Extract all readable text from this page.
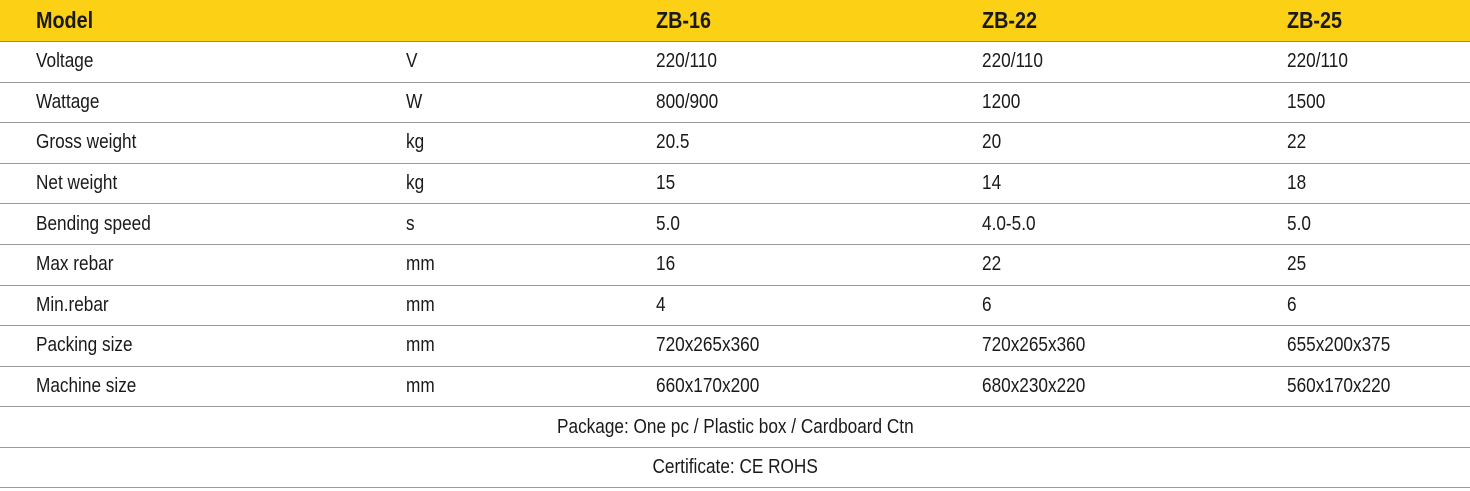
Model		ZB-16	ZB-22	ZB-25
Voltage	V	220/110	220/110	220/110
Wattage	W	800/900	1200	1500
Gross weight	kg	20.5	20	22
Net weight	kg	15	14	18
Bending speed	s	5.0	4.0-5.0	5.0
Max rebar	mm	16	22	25
Min.rebar	mm	4	6	6
Packing size	mm	720x265x360	720x265x360	655x200x375
Machine size	mm	660x170x200	680x230x220	560x170x220
Package: One pc / Plastic box / Cardboard Ctn				
Certificate: CE ROHS				
